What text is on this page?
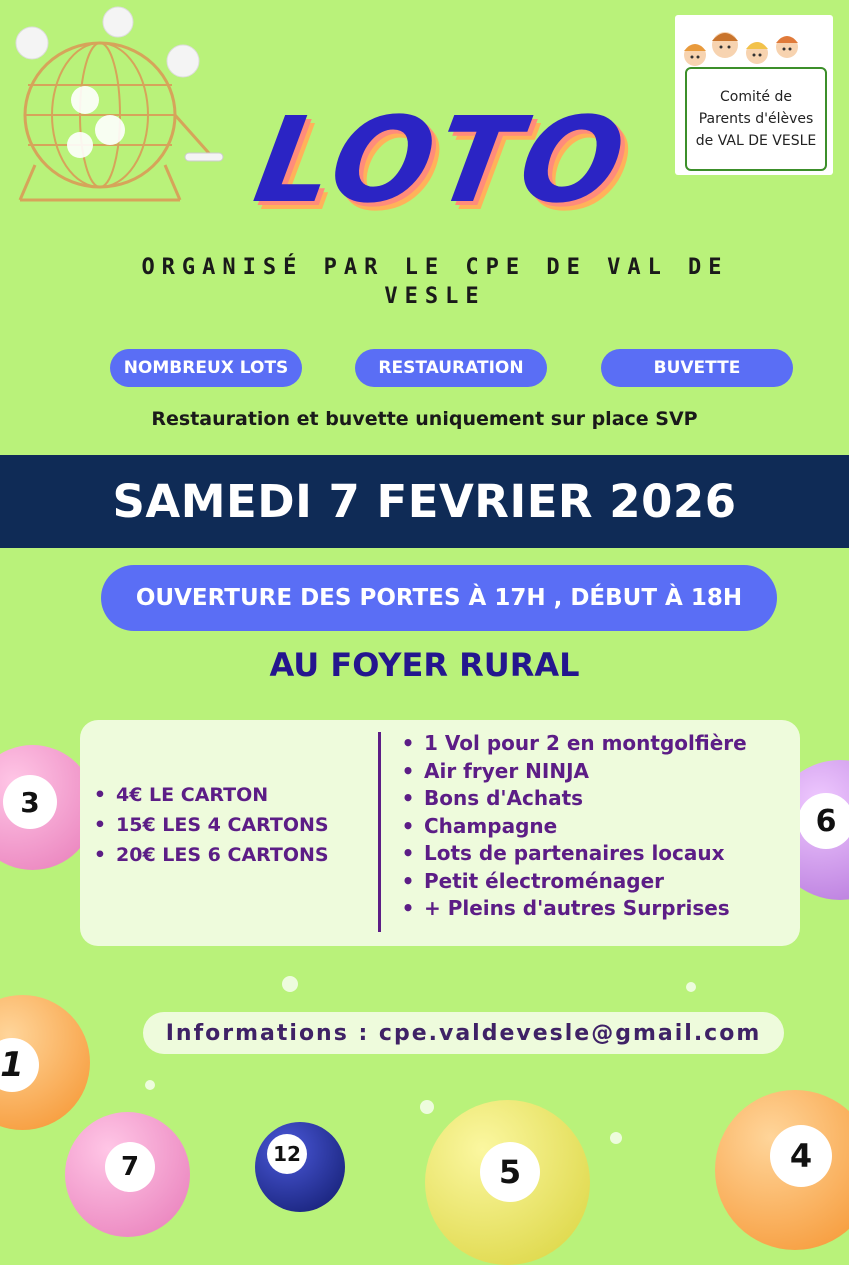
Comité de
Parents d'élèves
de VAL DE VESLE
LOTO
ORGANISÉ PAR LE CPE DE VAL DE VESLE
NOMBREUX LOTS	RESTAURATION	BUVETTE
Restauration et buvette uniquement sur place SVP
SAMEDI 7 FEVRIER 2026
OUVERTURE DES PORTES À 17H , DÉBUT À 18H
AU FOYER RURAL
3
6
• 4€ LE CARTON
• 15€ LES 4 CARTONS
• 20€ LES 6 CARTONS
• 1 Vol pour 2 en montgolfière
• Air fryer NINJA
• Bons d'Achats
• Champagne
• Lots de partenaires locaux
• Petit électroménager
• + Pleins d'autres Surprises
Informations : cpe.valdevesle@gmail.com
1
7	12	5	4
